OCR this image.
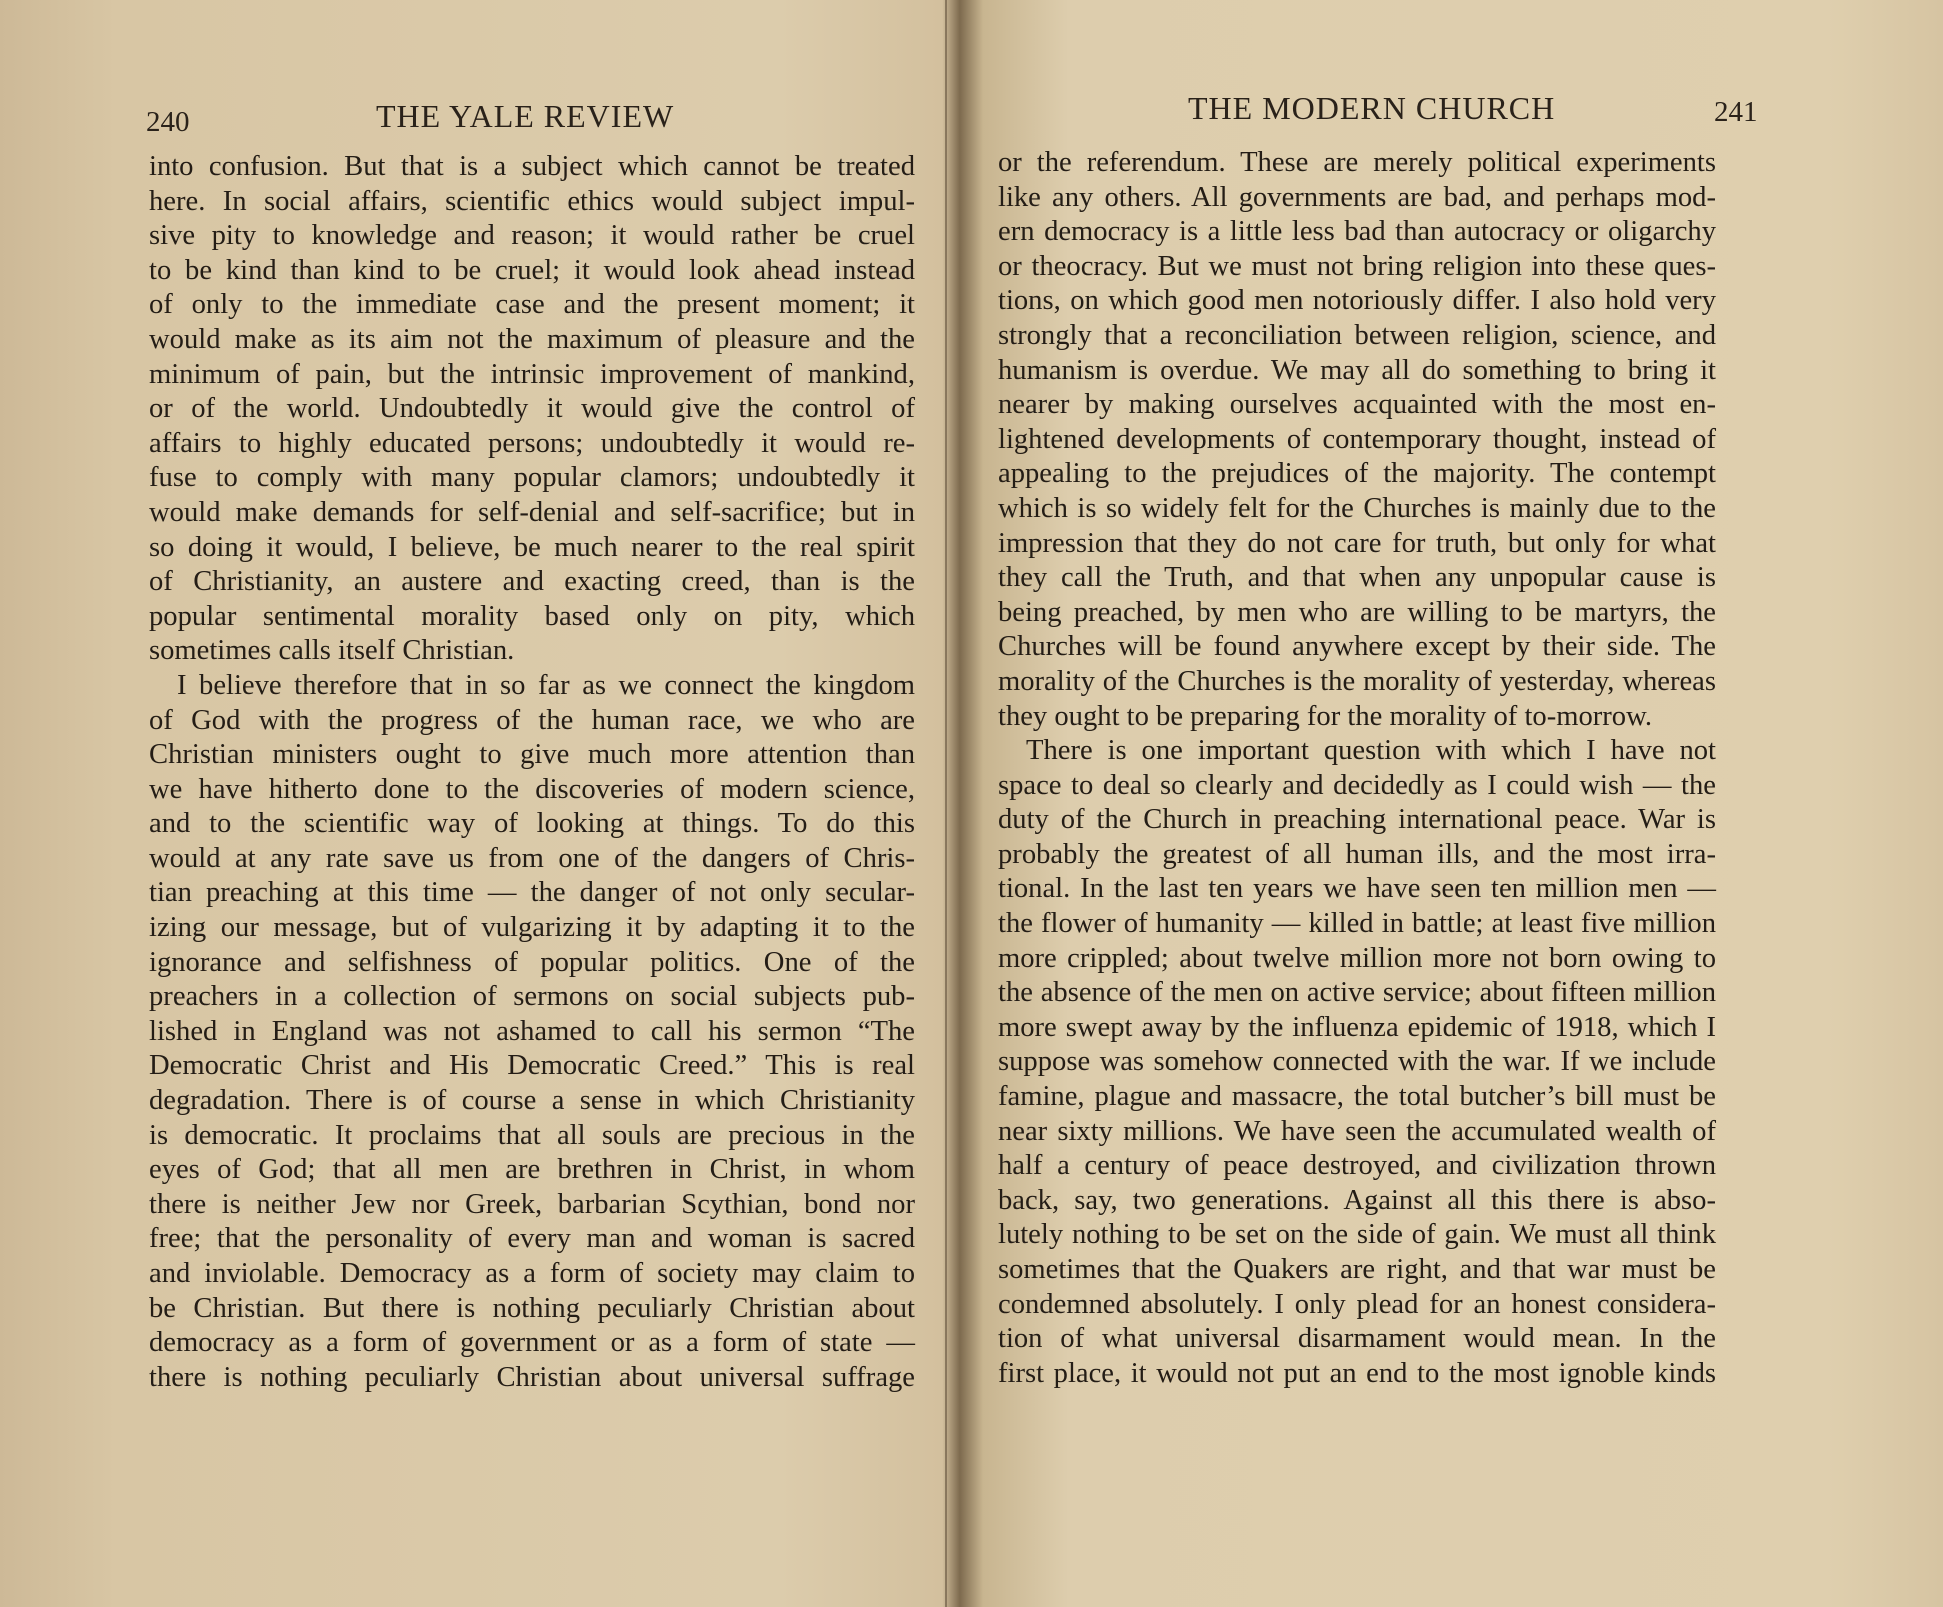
240	THE YALE REVIEW
into confusion. But that is a subject which cannot be treated
here. In social affairs, scientific ethics would subject impul-
sive pity to knowledge and reason; it would rather be cruel
to be kind than kind to be cruel; it would look ahead instead
of only to the immediate case and the present moment; it
would make as its aim not the maximum of pleasure and the
minimum of pain, but the intrinsic improvement of mankind,
or of the world. Undoubtedly it would give the control of
affairs to highly educated persons; undoubtedly it would re-
fuse to comply with many popular clamors; undoubtedly it
would make demands for self-denial and self-sacrifice; but in
so doing it would, I believe, be much nearer to the real spirit
of Christianity, an austere and exacting creed, than is the
popular sentimental morality based only on pity, which
sometimes calls itself Christian.
I believe therefore that in so far as we connect the kingdom
of God with the progress of the human race, we who are
Christian ministers ought to give much more attention than
we have hitherto done to the discoveries of modern science,
and to the scientific way of looking at things. To do this
would at any rate save us from one of the dangers of Chris-
tian preaching at this time — the danger of not only secular-
izing our message, but of vulgarizing it by adapting it to the
ignorance and selfishness of popular politics. One of the
preachers in a collection of sermons on social subjects pub-
lished in England was not ashamed to call his sermon “The
Democratic Christ and His Democratic Creed.” This is real
degradation. There is of course a sense in which Christianity
is democratic. It proclaims that all souls are precious in the
eyes of God; that all men are brethren in Christ, in whom
there is neither Jew nor Greek, barbarian Scythian, bond nor
free; that the personality of every man and woman is sacred
and inviolable. Democracy as a form of society may claim to
be Christian. But there is nothing peculiarly Christian about
democracy as a form of government or as a form of state —
there is nothing peculiarly Christian about universal suffrage
THE MODERN CHURCH	241
or the referendum. These are merely political experiments
like any others. All governments are bad, and perhaps mod-
ern democracy is a little less bad than autocracy or oligarchy
or theocracy. But we must not bring religion into these ques-
tions, on which good men notoriously differ. I also hold very
strongly that a reconciliation between religion, science, and
humanism is overdue. We may all do something to bring it
nearer by making ourselves acquainted with the most en-
lightened developments of contemporary thought, instead of
appealing to the prejudices of the majority. The contempt
which is so widely felt for the Churches is mainly due to the
impression that they do not care for truth, but only for what
they call the Truth, and that when any unpopular cause is
being preached, by men who are willing to be martyrs, the
Churches will be found anywhere except by their side. The
morality of the Churches is the morality of yesterday, whereas
they ought to be preparing for the morality of to-morrow.
There is one important question with which I have not
space to deal so clearly and decidedly as I could wish — the
duty of the Church in preaching international peace. War is
probably the greatest of all human ills, and the most irra-
tional. In the last ten years we have seen ten million men —
the flower of humanity — killed in battle; at least five million
more crippled; about twelve million more not born owing to
the absence of the men on active service; about fifteen million
more swept away by the influenza epidemic of 1918, which I
suppose was somehow connected with the war. If we include
famine, plague and massacre, the total butcher’s bill must be
near sixty millions. We have seen the accumulated wealth of
half a century of peace destroyed, and civilization thrown
back, say, two generations. Against all this there is abso-
lutely nothing to be set on the side of gain. We must all think
sometimes that the Quakers are right, and that war must be
condemned absolutely. I only plead for an honest considera-
tion of what universal disarmament would mean. In the
first place, it would not put an end to the most ignoble kinds
